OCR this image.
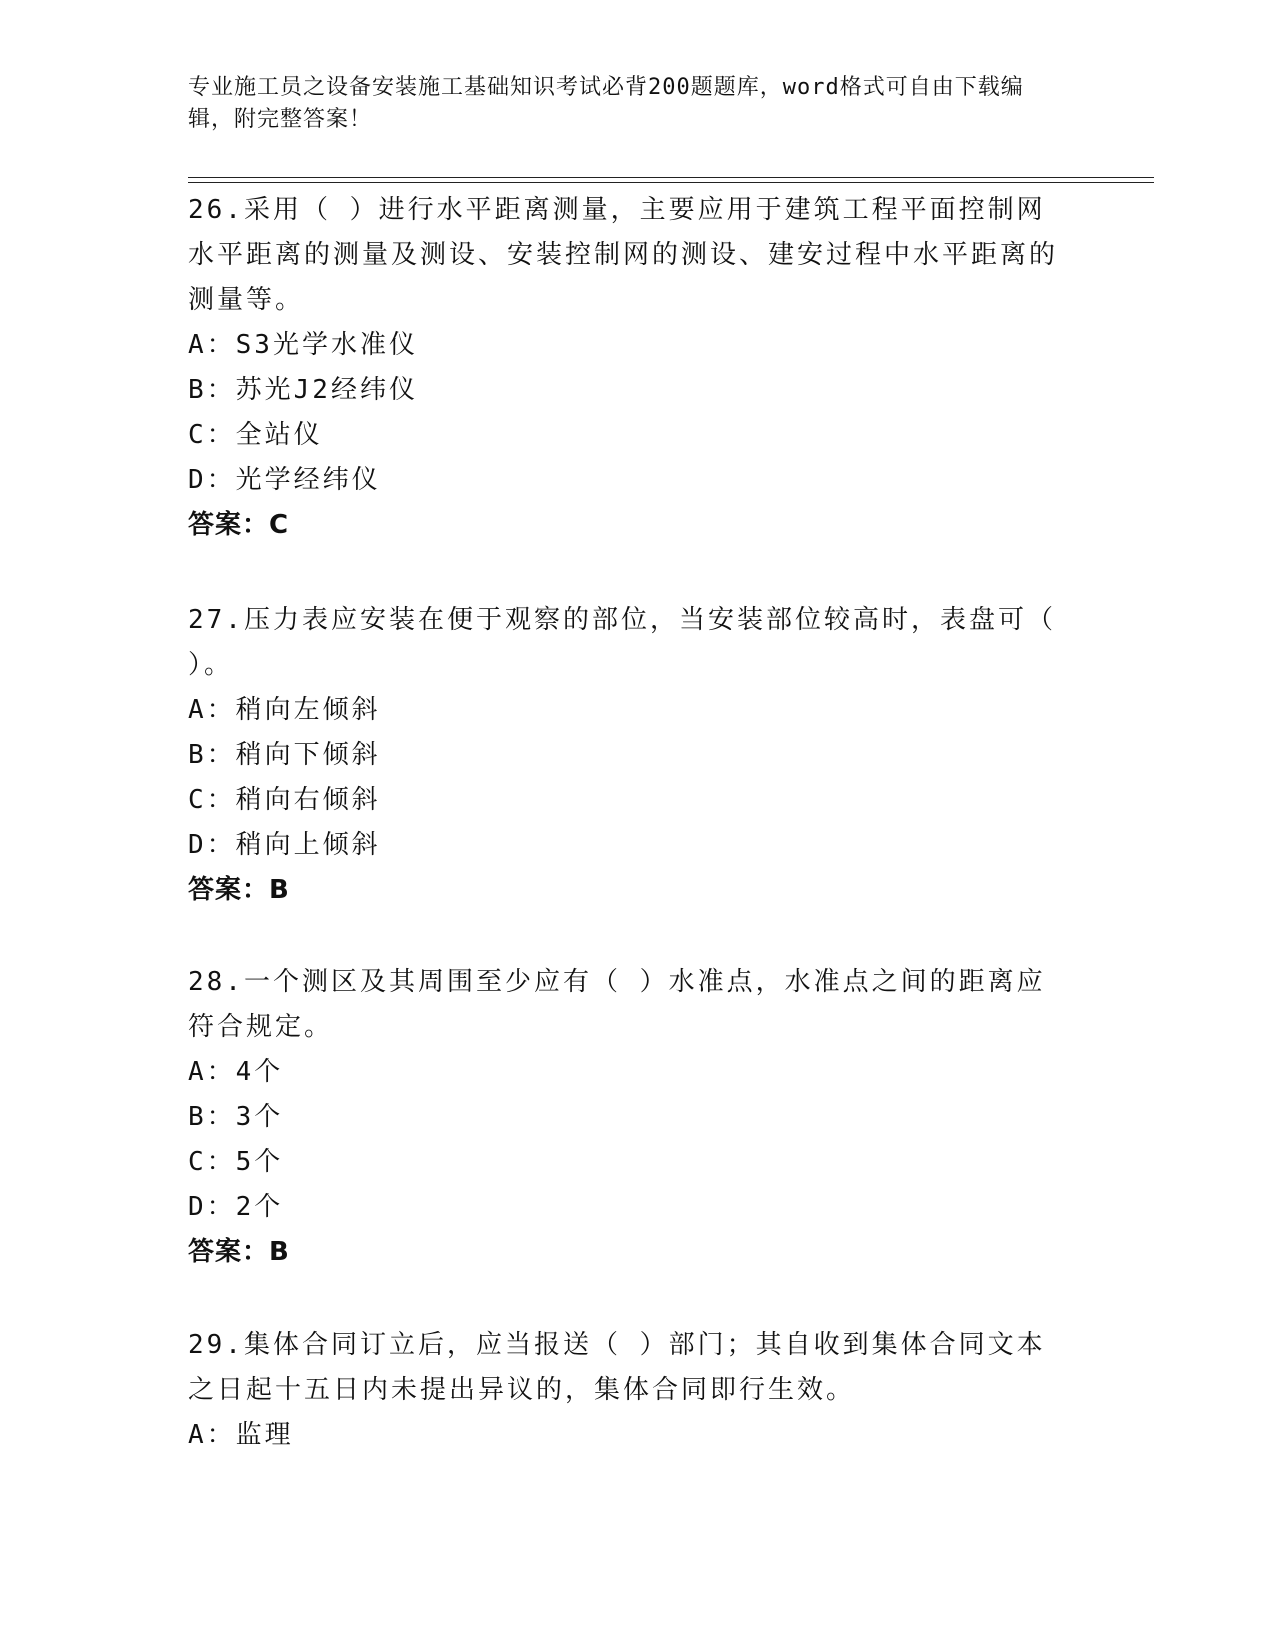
专业施工员之设备安装施工基础知识考试必背200题题库，word格式可自由下载编辑，附完整答案！
26.采用（ ）进行水平距离测量，主要应用于建筑工程平面控制网水平距离的测量及测设、安装控制网的测设、建安过程中水平距离的测量等。
A：S3光学水准仪
B：苏光J2经纬仪
C：全站仪
D：光学经纬仪
答案：C
27.压力表应安装在便于观察的部位，当安装部位较高时，表盘可（ ）。
A：稍向左倾斜
B：稍向下倾斜
C：稍向右倾斜
D：稍向上倾斜
答案：B
28.一个测区及其周围至少应有（ ）水准点，水准点之间的距离应符合规定。
A：4个
B：3个
C：5个
D：2个
答案：B
29.集体合同订立后，应当报送（ ）部门；其自收到集体合同文本之日起十五日内未提出异议的，集体合同即行生效。
A：监理
